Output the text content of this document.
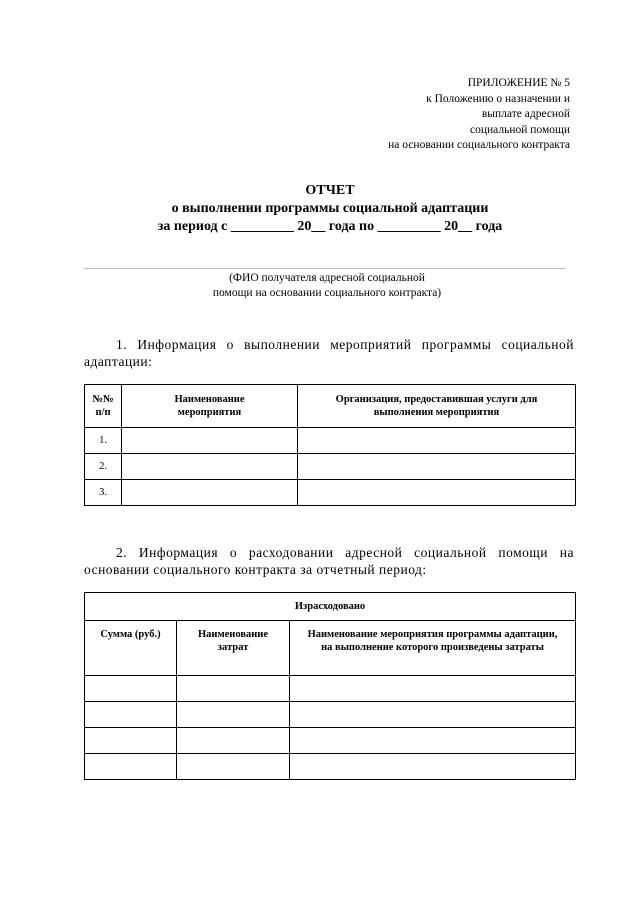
ПРИЛОЖЕНИЕ № 5
к Положению о назначении и
выплате адресной
социальной помощи
на основании социального контракта
ОТЧЕТ
о выполнении программы социальной адаптации
за период с _________ 20__ года по _________ 20__ года
(ФИО получателя адресной социальной
помощи на основании социального контракта)
1. Информация о выполнении мероприятий программы социальной адаптации:
№№ п/п	Наименование мероприятия	Организация, предоставившая услуги для выполнения мероприятия

1.		
2.		
3.		
2. Информация о расходовании адресной социальной помощи на основании социального контракта за отчетный период:
Израсходовано		
Сумма (руб.)	Наименование затрат	Наименование мероприятия программы адаптации, на выполнение которого произведены затраты
